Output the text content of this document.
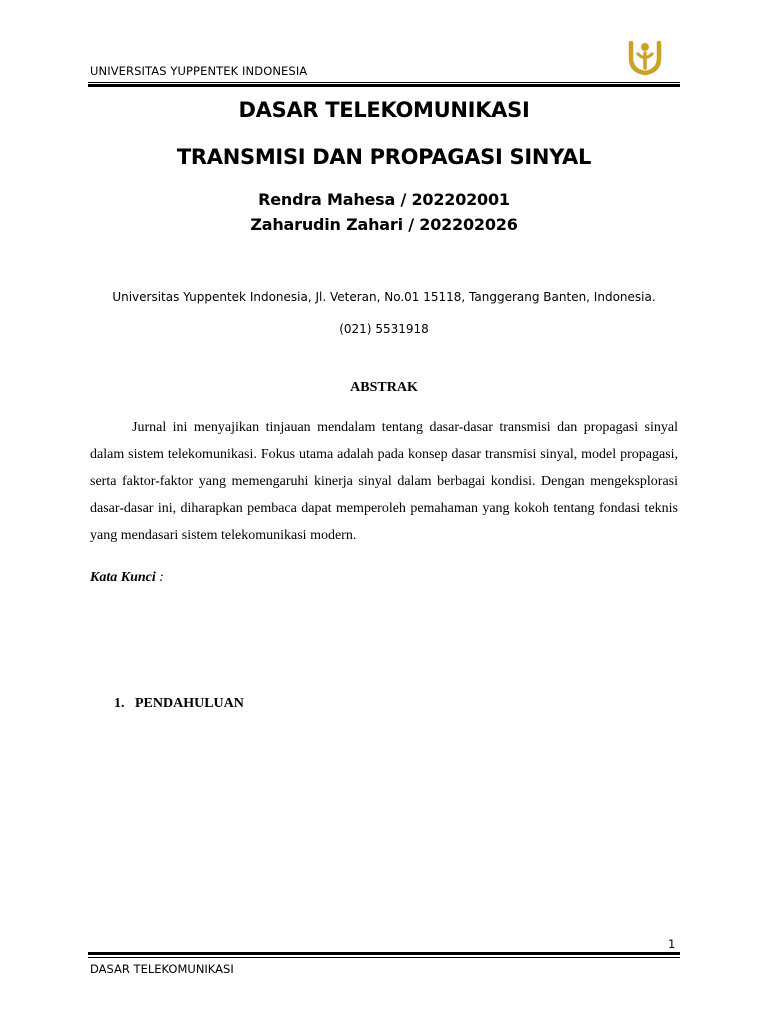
UNIVERSITAS YUPPENTEK INDONESIA
DASAR TELEKOMUNIKASI
TRANSMISI DAN PROPAGASI SINYAL
Rendra Mahesa / 202202001
Zaharudin Zahari / 202202026
Universitas Yuppentek Indonesia, Jl. Veteran, No.01 15118, Tanggerang Banten, Indonesia.
(021) 5531918
ABSTRAK
Jurnal ini menyajikan tinjauan mendalam tentang dasar-dasar transmisi dan propagasi sinyal dalam sistem telekomunikasi. Fokus utama adalah pada konsep dasar transmisi sinyal, model propagasi, serta faktor-faktor yang memengaruhi kinerja sinyal dalam berbagai kondisi. Dengan mengeksplorasi dasar-dasar ini, diharapkan pembaca dapat memperoleh pemahaman yang kokoh tentang fondasi teknis yang mendasari sistem telekomunikasi modern.
Kata Kunci :
1. PENDAHULUAN
1
DASAR TELEKOMUNIKASI
